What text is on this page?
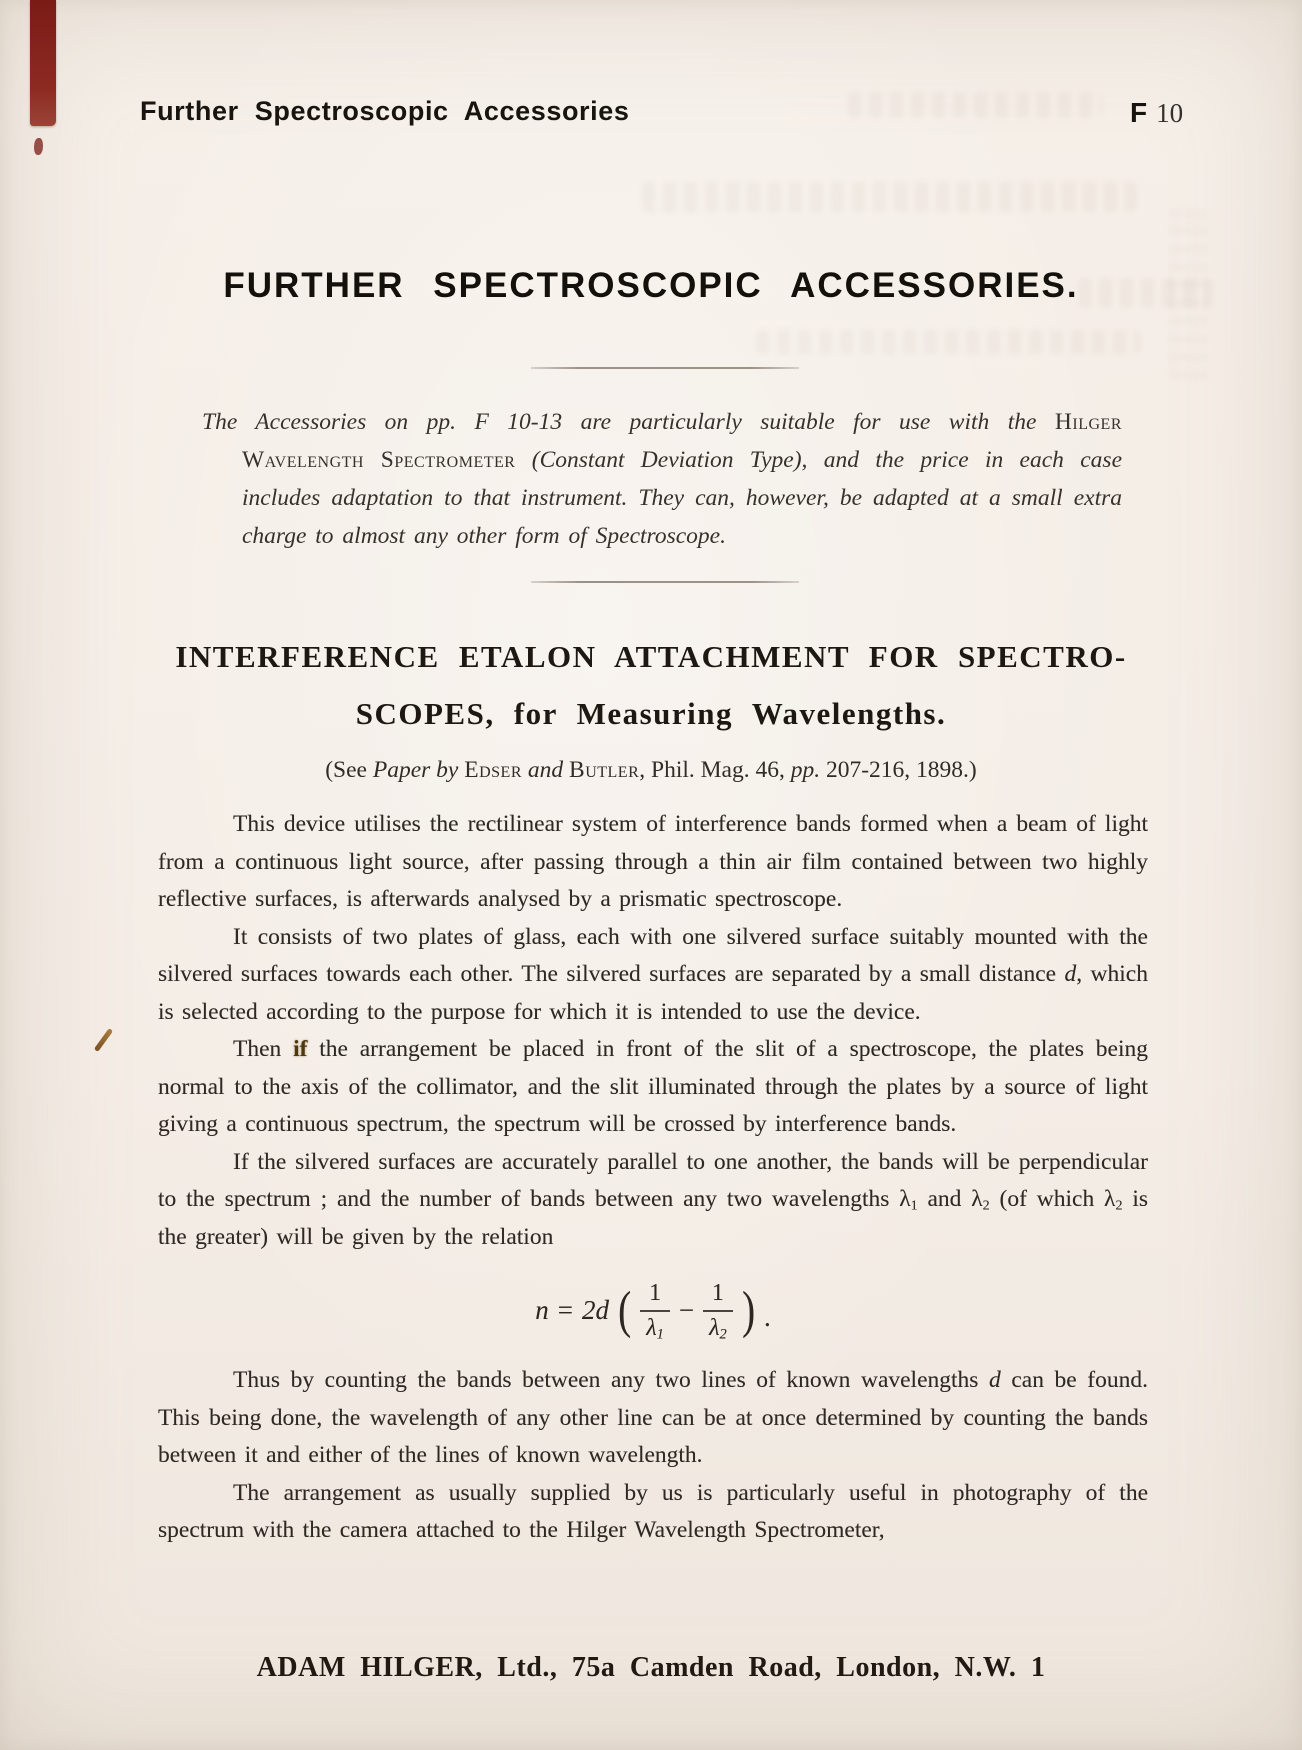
Further Spectroscopic Accessories	F 10
FURTHER SPECTROSCOPIC ACCESSORIES.
The Accessories on pp. F 10-13 are particularly suitable for use with the Hilger Wavelength Spectrometer (Constant Deviation Type), and the price in each case includes adaptation to that instrument. They can, however, be adapted at a small extra charge to almost any other form of Spectroscope.
INTERFERENCE ETALON ATTACHMENT FOR SPECTRO-
SCOPES, for Measuring Wavelengths.
(See Paper by Edser and Butler, Phil. Mag. 46, pp. 207-216, 1898.)

This device utilises the rectilinear system of interference bands formed when a beam of light from a continuous light source, after passing through a thin air film contained between two highly reflective surfaces, is afterwards analysed by a prismatic spectroscope.

It consists of two plates of glass, each with one silvered surface suitably mounted with the silvered surfaces towards each other. The silvered surfaces are separated by a small distance d, which is selected according to the purpose for which it is intended to use the device.

Then if the arrangement be placed in front of the slit of a spectroscope, the plates being normal to the axis of the collimator, and the slit illuminated through the plates by a source of light giving a continuous spectrum, the spectrum will be crossed by interference bands.

If the silvered surfaces are accurately parallel to one another, the bands will be perpendicular to the spectrum ; and the number of bands between any two wavelengths λ1 and λ2 (of which λ2 is the greater) will be given by the relation

n = 2d ( $\frac{1}{\lambda 1} - \frac{1}{\lambda 2}$ ) .

Thus by counting the bands between any two lines of known wavelengths d can be found. This being done, the wavelength of any other line can be at once determined by counting the bands between it and either of the lines of known wavelength.

The arrangement as usually supplied by us is particularly useful in photography of the spectrum with the camera attached to the Hilger Wavelength Spectrometer,

ADAM HILGER, Ltd., 75a Camden Road, London, N.W. 1
